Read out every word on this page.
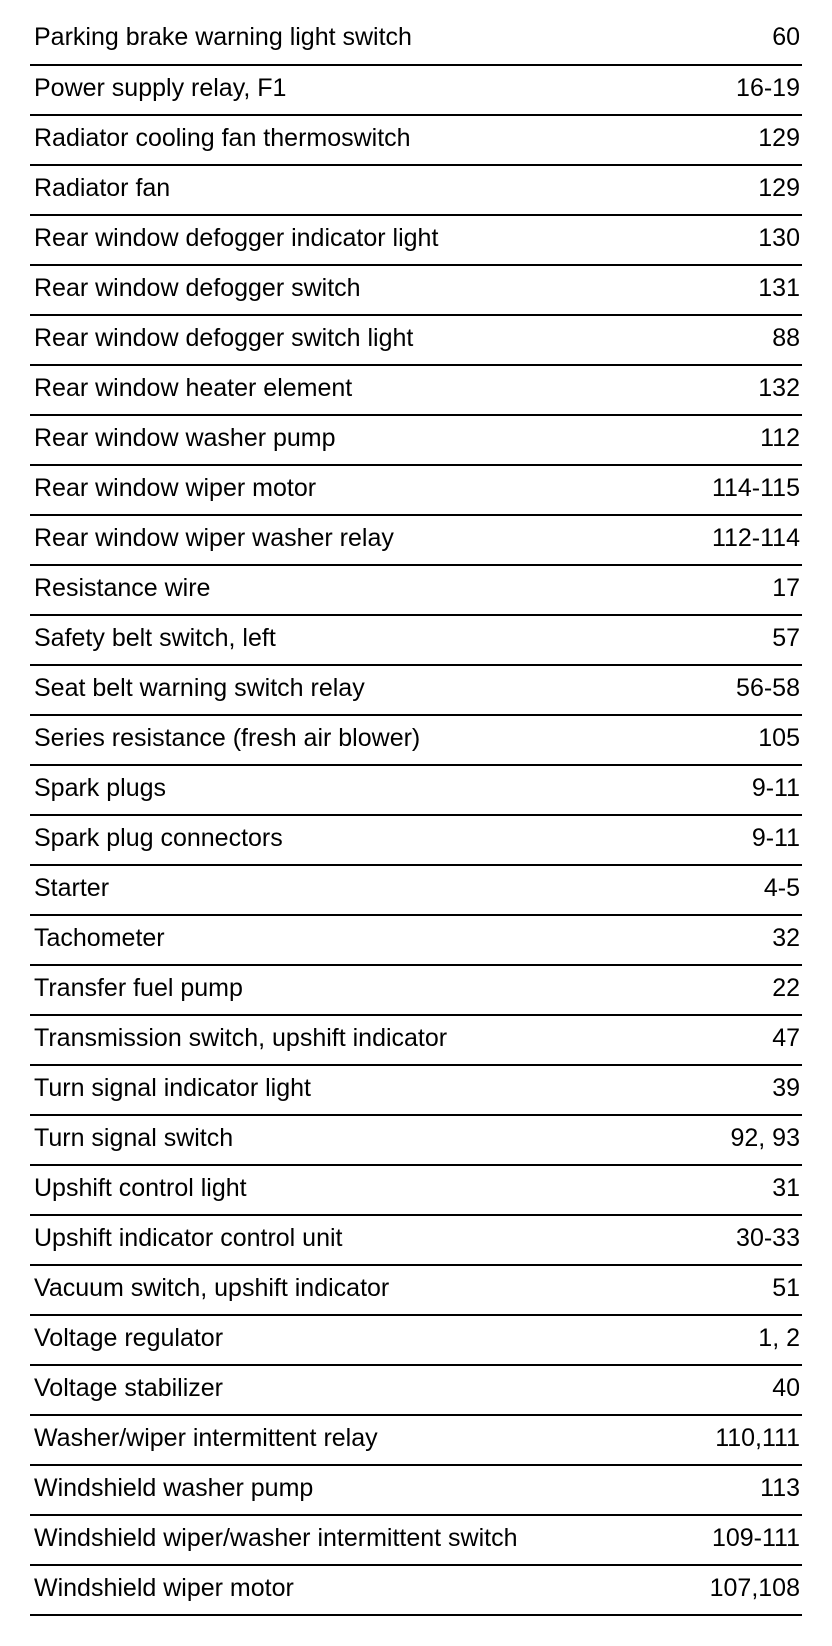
Parking brake warning light switch	60
Power supply relay, F1	16-19
Radiator cooling fan thermoswitch	129
Radiator fan	129
Rear window defogger indicator light	130
Rear window defogger switch	131
Rear window defogger switch light	88
Rear window heater element	132
Rear window washer pump	112
Rear window wiper motor	114-115
Rear window wiper washer relay	112-114
Resistance wire	17
Safety belt switch, left	57
Seat belt warning switch relay	56-58
Series resistance (fresh air blower)	105
Spark plugs	9-11
Spark plug connectors	9-11
Starter	4-5
Tachometer	32
Transfer fuel pump	22
Transmission switch, upshift indicator	47
Turn signal indicator light	39
Turn signal switch	92, 93
Upshift control light	31
Upshift indicator control unit	30-33
Vacuum switch, upshift indicator	51
Voltage regulator	1, 2
Voltage stabilizer	40
Washer/wiper intermittent relay	110,111
Windshield washer pump	113
Windshield wiper/washer intermittent switch	109-111
Windshield wiper motor	107,108
